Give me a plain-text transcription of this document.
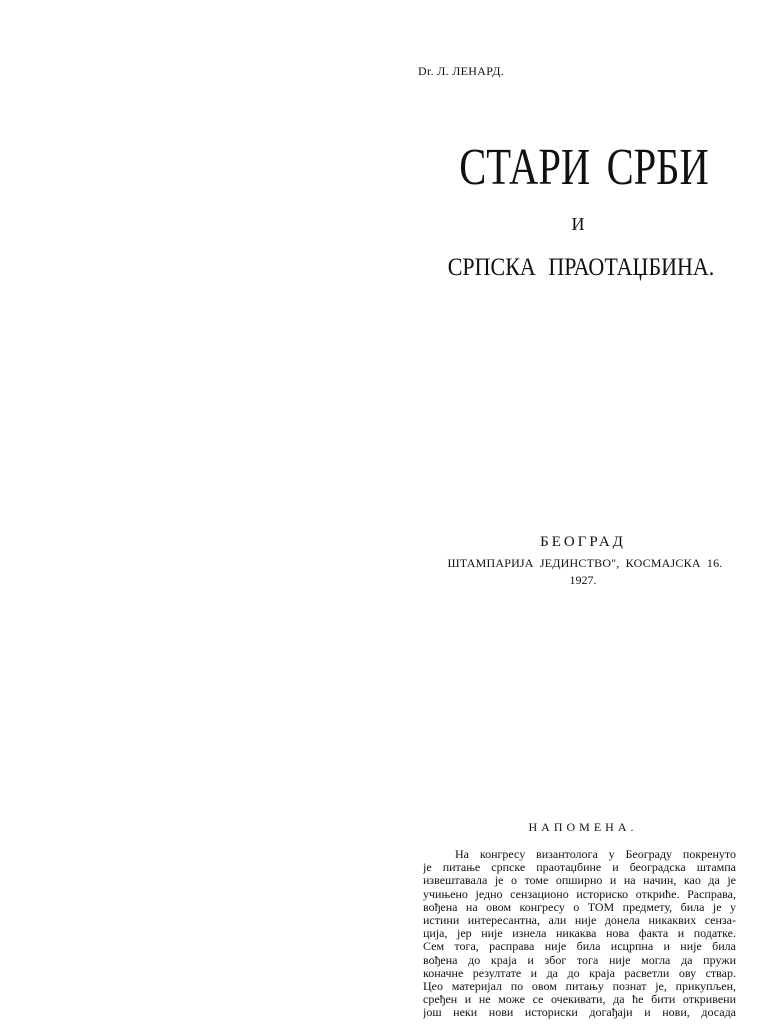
Dr. Л. ЛЕНАРД.
СТАРИ СРБИ
И
СРПСКА ПРАОТАЏБИНА.
БЕОГРАД
ШТАМПАРИЈА ЈЕДИНСТВО", КОСМАЈСКА 16.
1927.
НАПОМЕНА.
На конгресу византолога у Београду покренуто
је питање српске праотаџбине и београдска штампа
извештавала је о томе опширно и на начин, као да је
учињено једно сензационо историско откриће. Расправа,
вођена на овом конгресу о ТОМ предмету, била је у
истини интересантна, али није донела никаквих сенза-
ција, јер није изнела никаква нова факта и податке.
Сем тога, расправа није била исцрпна и није била
вођена до краја и због тога није могла да пружи
коначне резултате и да до краја расветли ову ствар.
Цео материјал по овом питању познат је, прикупљен,
сређен и не може се очекивати, да ће бити откривени
још неки нови историски догађаји и нови, досада
